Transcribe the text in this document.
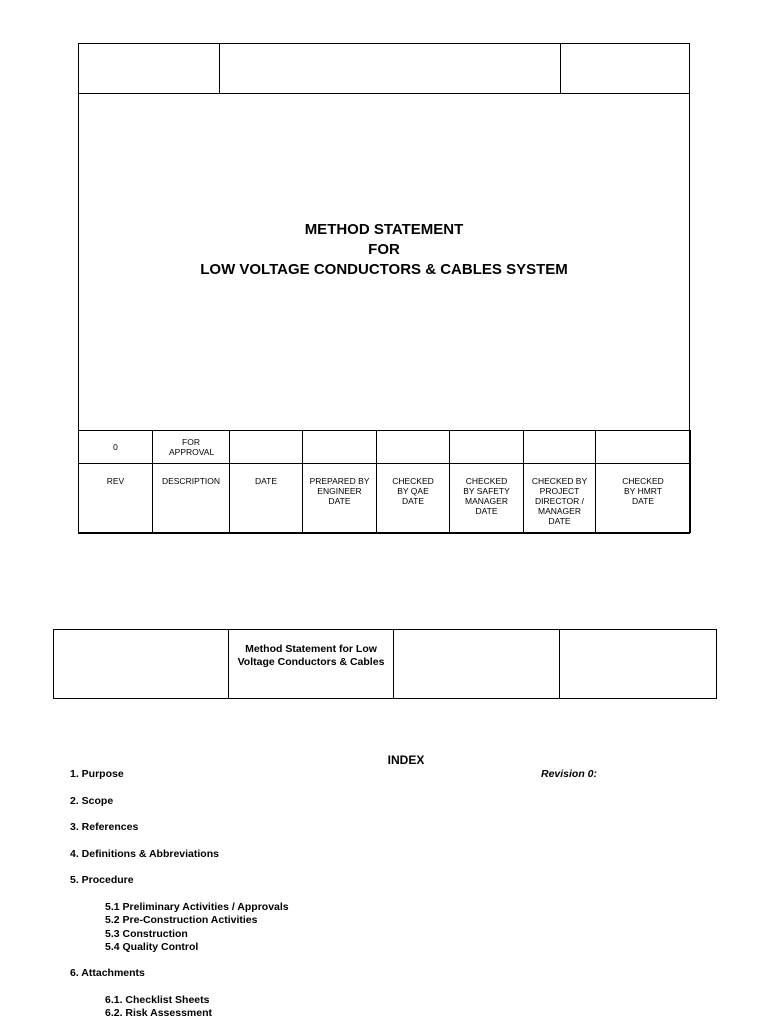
METHOD STATEMENT
FOR
LOW VOLTAGE CONDUCTORS & CABLES SYSTEM
0	FOR APPROVAL						

REV	DESCRIPTION	DATE	PREPARED BY ENGINEER DATE	CHECKED BY QAE DATE	CHECKED BY SAFETY MANAGER DATE	CHECKED BY PROJECT DIRECTOR / MANAGER DATE	CHECKED BY HMRT DATE

Method Statement for Low Voltage Conductors & Cables

INDEX
Revision 0:
1. Purpose
2. Scope
3. References
4. Definitions & Abbreviations
5. Procedure
5.1 Preliminary Activities / Approvals
5.2 Pre-Construction Activities
5.3 Construction
5.4 Quality Control
6. Attachments
6.1. Checklist Sheets
6.2. Risk Assessment
